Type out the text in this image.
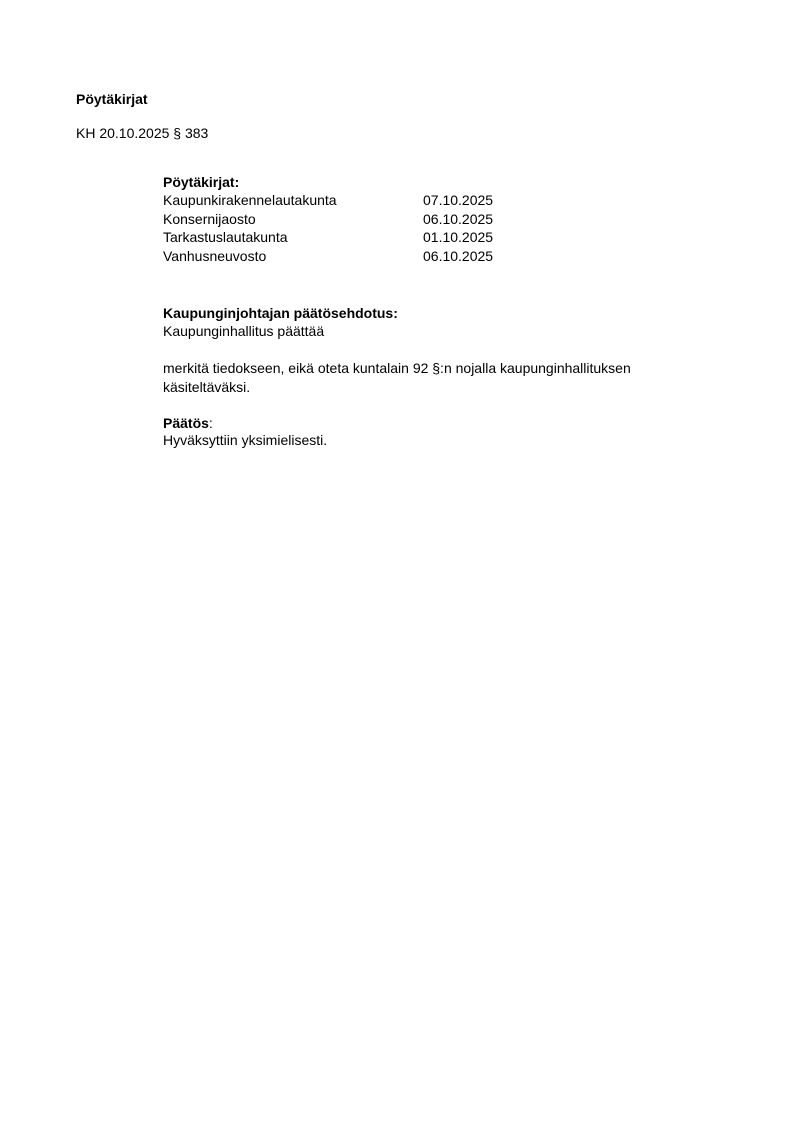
Pöytäkirjat
KH 20.10.2025 § 383
Pöytäkirjat:
Kaupunkirakennelautakunta	07.10.2025
Konsernijaosto	06.10.2025
Tarkastuslautakunta	01.10.2025
Vanhusneuvosto	06.10.2025
Kaupunginjohtajan päätösehdotus:
Kaupunginhallitus päättää
merkitä tiedokseen, eikä oteta kuntalain 92 §:n nojalla kaupunginhallituksen käsiteltäväksi.
Päätös:
Hyväksyttiin yksimielisesti.
